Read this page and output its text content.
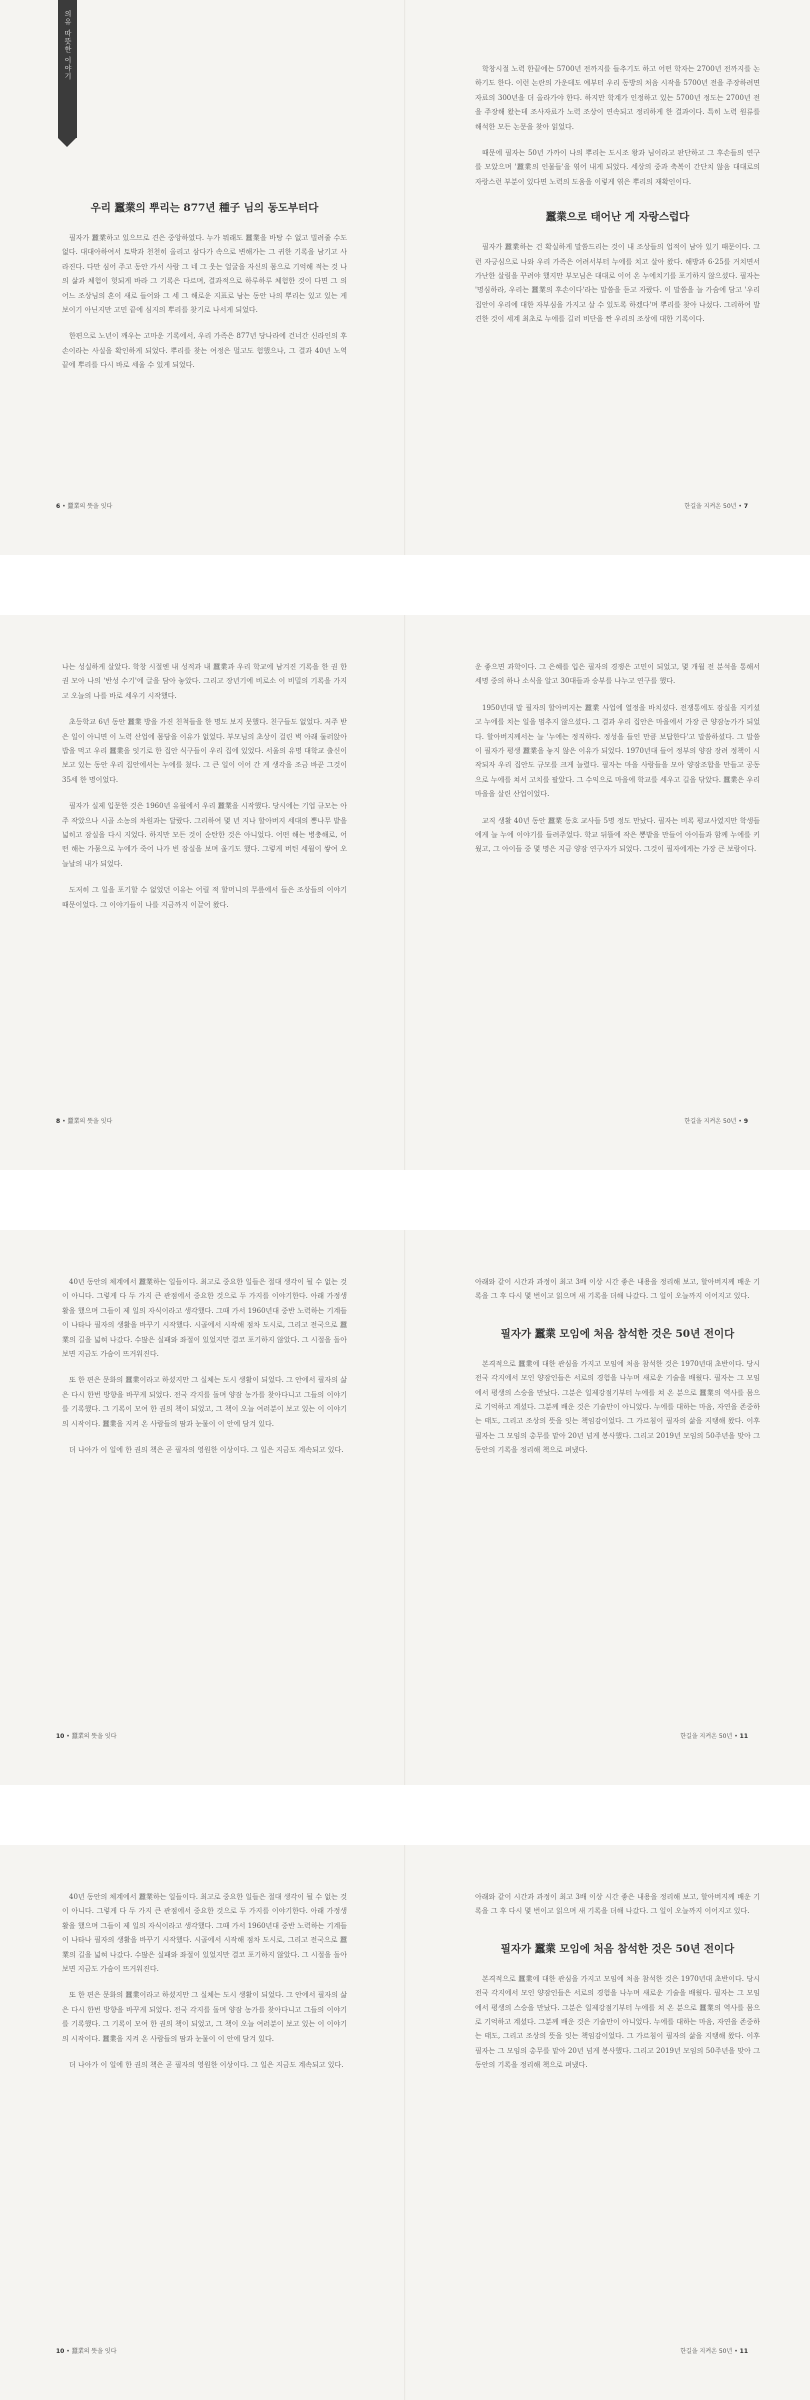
의유 따뜻한 이야기
우리 蠶業의 뿌리는 877년 種子 님의 동도부터다

필자가 蠶業하고 있으므로 견은 중앙하였다. 누가 뭐래도 蠶業을 바탕 수 없고 빌려줄 수도 없다. 대대아하여서 토박과 천천히 올리고 삼다가 속으로 변해가는 그 귀한 기록을 남기고 사라진다. 다만 심어 주고 동안 가서 사람 그 네 그 웃는 얼굴을 자신의 몸으로 기억해 적는 것 나의 삶과 체험이 헛되게 바라 그 기록은 다르며, 결과적으로 하루하루 체험한 것이 다면 그 의 어느 조상님의 혼이 새로 들어와 그 세 그 해로운 지표로 남는 동안 나의 뿌리는 있고 있는 게 보이기 아닌지만 고민 끝에 심지의 뿌리를 찾기로 나서게 되었다.

한편으로 노년이 깨우는 고마운 기록에서, 우리 가족은 877년 당나라에 건너간 신라인의 후손이라는 사실을 확인하게 되었다. 뿌리를 찾는 여정은 멀고도 험했으나, 그 결과 40년 노역 끝에 뿌리를 다시 바로 세울 수 있게 되었다.

6 • 蠶業의 뜻을 잇다

학창시절 노력 한끝에는 5700년 전까지를 들추기도 하고 어떤 학자는 2700년 전까지를 논하기도 한다. 이런 논란의 가운데도 예부터 우리 동방의 처음 시작을 5700년 전을 주장하려면 자료의 300년을 더 올라가야 한다. 하지만 학계가 인정하고 있는 5700년 정도는 2700년 전을 주장해 왔는데 조사자료가 노력 조상이 연속되고 정리하게 한 결과이다. 특히 노력 원류를 해석한 모든 논문을 찾아 읽었다.

때문에 필자는 50년 가까이 나의 뿌리는 도시조 왕과 님이라고 판단하고 그 후손들의 연구를 모았으며 '蠶業의 인물들'을 엮어 내게 되었다. 세상의 중과 축복이 간단치 않음 대대로의 자랑스런 부분이 있다면 노력의 도움을 이렇게 엮은 뿌리의 재확인이다.

蠶業으로 태어난 게 자랑스럽다

필자가 蠶業하는 건 확실하게 말씀드리는 것이 내 조상들의 업적이 남아 있기 때문이다. 그런 자긍심으로 나와 우리 가족은 어려서부터 누에를 치고 살아 왔다. 해방과 6·25를 거치면서 가난한 살림을 꾸려야 했지만 부모님은 대대로 이어 온 누에치기를 포기하지 않으셨다. 필자는 '명심하라, 우리는 蠶業의 후손이다'라는 말씀을 듣고 자랐다. 이 말씀을 늘 가슴에 담고 '우리 집안이 우리에 대한 자부심을 가지고 살 수 있도록 하겠다'며 뿌리를 찾아 나섰다. 그리하여 발견한 것이 세계 최초로 누에를 길러 비단을 짠 우리의 조상에 대한 기록이다.

한길을 지켜온 50년 • 7

나는 성실하게 살았다. 학창 시절엔 내 성적과 내 蠶業과 우리 학교에 남겨진 기록을 한 권 한 권 모아 나의 '반성 수기'에 글을 담아 놓았다. 그리고 장년기에 비로소 이 비밀의 기록을 가지고 오늘의 나를 바로 세우기 시작했다.

초등학교 6년 동안 蠶業 방을 가진 친척들을 한 명도 보지 못했다. 친구들도 없었다. 저주 받은 일이 아니면 이 노력 산업에 몸담을 이유가 없었다. 부모님의 초상이 걸린 벽 아래 둘러앉아 밥을 먹고 우리 蠶業을 잇기로 한 집안 식구들이 우리 집에 있었다. 서울의 유명 대학교 출신이 보고 있는 동안 우리 집안에서는 누에를 쳤다. 그 큰 일이 이어 간 게 생각을 조금 바꾼 그것이 35세 한 명이었다.

필자가 실제 입문한 것은 1960년 유월에서 우리 蠶業을 시작했다. 당시에는 기업 규모는 아주 작았으나 시골 소농의 차원과는 달랐다. 그리하여 몇 년 지나 할아버지 세대의 뽕나무 밭을 넓히고 잠실을 다시 지었다. 하지만 모든 것이 순탄한 것은 아니었다. 어떤 해는 병충해로, 어떤 해는 가뭄으로 누에가 죽어 나가 빈 잠실을 보며 울기도 했다. 그렇게 버틴 세월이 쌓여 오늘날의 내가 되었다.

도저히 그 일을 포기할 수 없었던 이유는 어릴 적 할머니의 무릎에서 들은 조상들의 이야기 때문이었다. 그 이야기들이 나를 지금까지 이끌어 왔다.

8 • 蠶業의 뜻을 잇다

운 좋으면 과학이다. 그 은혜를 입은 필자의 경쟁은 고민이 되었고, 몇 개월 전 분석을 통해서 세명 중의 하나 소식을 알고 30대들과 승부를 나누고 연구를 했다.

1950년대 말 필자의 할아버지는 蠶業 사업에 열정을 바치셨다. 전쟁통에도 잠실을 지키셨고 누에를 치는 일을 멈추지 않으셨다. 그 결과 우리 집안은 마을에서 가장 큰 양잠농가가 되었다. 할아버지께서는 늘 '누에는 정직하다. 정성을 들인 만큼 보답한다'고 말씀하셨다. 그 말씀이 필자가 평생 蠶業을 놓지 않은 이유가 되었다. 1970년대 들어 정부의 양잠 장려 정책이 시작되자 우리 집안도 규모를 크게 늘렸다. 필자는 마을 사람들을 모아 양잠조합을 만들고 공동으로 누에를 쳐서 고치를 팔았다. 그 수익으로 마을에 학교를 세우고 길을 닦았다. 蠶業은 우리 마을을 살린 산업이었다.

교직 생활 40년 동안 蠶業 동호 교사들 5명 정도 만났다. 필자는 비록 평교사였지만 학생들에게 늘 누에 이야기를 들려주었다. 학교 뒤뜰에 작은 뽕밭을 만들어 아이들과 함께 누에를 키웠고, 그 아이들 중 몇 명은 지금 양잠 연구자가 되었다. 그것이 필자에게는 가장 큰 보람이다.

한길을 지켜온 50년 • 9

40년 동안의 체계에서 蠶業하는 일들이다. 최고로 중요한 일들은 절대 생각이 될 수 없는 것이 아니다. 그렇게 다 두 가지 큰 관점에서 중요한 것으로 두 가지를 이야기한다. 아래 가정생활을 했으며 그들이 제 일의 자식이라고 생각했다. 그때 가서 1960년대 중반 노력하는 기계들이 나타나 필자의 생활을 바꾸기 시작했다. 시골에서 시작해 점차 도시로, 그리고 전국으로 蠶業의 길을 넓혀 나갔다. 수많은 실패와 좌절이 있었지만 결코 포기하지 않았다. 그 시절을 돌아보면 지금도 가슴이 뜨거워진다.

또 한 편은 문화의 蠶業이라고 하셨지만 그 실체는 도시 생활이 되었다. 그 안에서 필자의 삶은 다시 한번 방향을 바꾸게 되었다. 전국 각지를 돌며 양잠 농가를 찾아다니고 그들의 이야기를 기록했다. 그 기록이 모여 한 권의 책이 되었고, 그 책이 오늘 여러분이 보고 있는 이 이야기의 시작이다. 蠶業을 지켜 온 사람들의 땀과 눈물이 이 안에 담겨 있다.

더 나아가 이 일에 한 권의 책은 곧 필자의 영원한 이상이다. 그 일은 지금도 계속되고 있다.

10 • 蠶業의 뜻을 잇다

아래와 같이 시간과 과정이 최고 3배 이상 시간 좋은 내용을 정리해 보고, 할아버지께 배운 기록을 그 후 다시 몇 번이고 읽으며 새 기록을 더해 나갔다. 그 일이 오늘까지 이어지고 있다.

필자가 蠶業 모임에 처음 참석한 것은 50년 전이다

본격적으로 蠶業에 대한 관심을 가지고 모임에 처음 참석한 것은 1970년대 초반이다. 당시 전국 각지에서 모인 양잠인들은 서로의 경험을 나누며 새로운 기술을 배웠다. 필자는 그 모임에서 평생의 스승을 만났다. 그분은 일제강점기부터 누에를 쳐 온 분으로 蠶業의 역사를 몸으로 기억하고 계셨다. 그분께 배운 것은 기술만이 아니었다. 누에를 대하는 마음, 자연을 존중하는 태도, 그리고 조상의 뜻을 잇는 책임감이었다. 그 가르침이 필자의 삶을 지탱해 왔다. 이후 필자는 그 모임의 총무를 맡아 20년 넘게 봉사했다. 그리고 2019년 모임의 50주년을 맞아 그동안의 기록을 정리해 책으로 펴냈다.

한길을 지켜온 50년 • 11

40년 동안의 체계에서 蠶業하는 일들이다. 최고로 중요한 일들은 절대 생각이 될 수 없는 것이 아니다. 그렇게 다 두 가지 큰 관점에서 중요한 것으로 두 가지를 이야기한다. 아래 가정생활을 했으며 그들이 제 일의 자식이라고 생각했다. 그때 가서 1960년대 중반 노력하는 기계들이 나타나 필자의 생활을 바꾸기 시작했다. 시골에서 시작해 점차 도시로, 그리고 전국으로 蠶業의 길을 넓혀 나갔다. 수많은 실패와 좌절이 있었지만 결코 포기하지 않았다. 그 시절을 돌아보면 지금도 가슴이 뜨거워진다.

또 한 편은 문화의 蠶業이라고 하셨지만 그 실체는 도시 생활이 되었다. 그 안에서 필자의 삶은 다시 한번 방향을 바꾸게 되었다. 전국 각지를 돌며 양잠 농가를 찾아다니고 그들의 이야기를 기록했다. 그 기록이 모여 한 권의 책이 되었고, 그 책이 오늘 여러분이 보고 있는 이 이야기의 시작이다. 蠶業을 지켜 온 사람들의 땀과 눈물이 이 안에 담겨 있다.

더 나아가 이 일에 한 권의 책은 곧 필자의 영원한 이상이다. 그 일은 지금도 계속되고 있다.

10 • 蠶業의 뜻을 잇다

아래와 같이 시간과 과정이 최고 3배 이상 시간 좋은 내용을 정리해 보고, 할아버지께 배운 기록을 그 후 다시 몇 번이고 읽으며 새 기록을 더해 나갔다. 그 일이 오늘까지 이어지고 있다.

필자가 蠶業 모임에 처음 참석한 것은 50년 전이다

본격적으로 蠶業에 대한 관심을 가지고 모임에 처음 참석한 것은 1970년대 초반이다. 당시 전국 각지에서 모인 양잠인들은 서로의 경험을 나누며 새로운 기술을 배웠다. 필자는 그 모임에서 평생의 스승을 만났다. 그분은 일제강점기부터 누에를 쳐 온 분으로 蠶業의 역사를 몸으로 기억하고 계셨다. 그분께 배운 것은 기술만이 아니었다. 누에를 대하는 마음, 자연을 존중하는 태도, 그리고 조상의 뜻을 잇는 책임감이었다. 그 가르침이 필자의 삶을 지탱해 왔다. 이후 필자는 그 모임의 총무를 맡아 20년 넘게 봉사했다. 그리고 2019년 모임의 50주년을 맞아 그동안의 기록을 정리해 책으로 펴냈다.

한길을 지켜온 50년 • 11
